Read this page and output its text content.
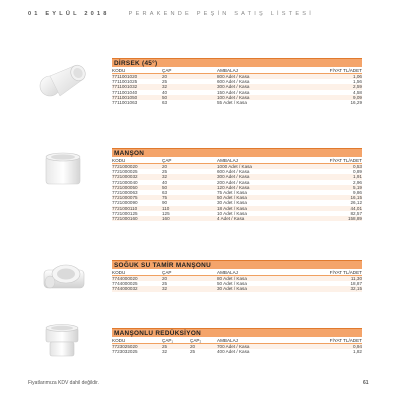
01 EYLÜL 2018	PERAKENDE PEŞİN SATIŞ LİSTESİ
DİRSEK (45°)
KODU	ÇAP	AMBALAJ	FİYAT TL/ADET
7711001020	20	800 Adet / Kasa	1,06
7711001025	25	600 Adet / Kasa	1,56
7711001032	32	300 Adet / Kasa	2,59
7711001040	40	150 Adet / Kasa	4,58
7711001050	50	100 Adet / Kasa	9,09
7711001063	63	55 Adet / Kasa	16,29
MANŞON
KODU	ÇAP	AMBALAJ	FİYAT TL/ADET
7721000020	20	1000 Adet / Kasa	0,53
7721000025	25	600 Adet / Kasa	0,89
7721000032	32	300 Adet / Kasa	1,91
7721000040	40	200 Adet / Kasa	2,96
7721000050	50	120 Adet / Kasa	5,19
7721000063	63	75 Adet / Kasa	9,86
7721000075	75	50 Adet / Kasa	16,15
7721000090	90	30 Adet / Kasa	26,12
7721000110	110	18 Adet / Kasa	44,01
7721000125	125	10 Adet / Kasa	82,57
7721000160	160	4 Adet / Kasa	158,89
SOĞUK SU TAMİR MANŞONU
KODU	ÇAP	AMBALAJ	FİYAT TL/ADET
7744000020	20	80 Adet / Kasa	11,30
7744000025	25	50 Adet / Kasa	18,87
7744000032	32	30 Adet / Kasa	32,15
MANŞONLU REDÜKSİYON
KODU	ÇAP₁	ÇAP₂	AMBALAJ	FİYAT TL/ADET
7723025020	25	20	700 Adet / Kasa	0,94
7723032025	32	25	400 Adet / Kasa	1,82
Fiyatlarımıza KDV dahil değildir.	61
